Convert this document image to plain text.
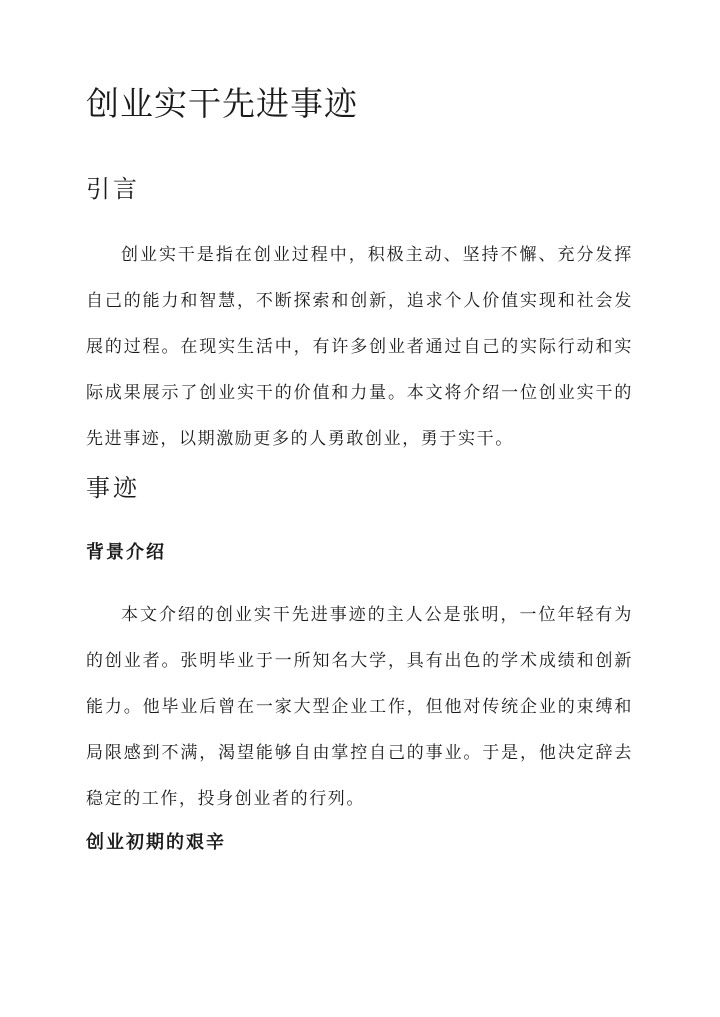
创业实干先进事迹
引言

创业实干是指在创业过程中，积极主动、坚持不懈、充分发挥自己的能力和智慧，不断探索和创新，追求个人价值实现和社会发展的过程。在现实生活中，有许多创业者通过自己的实际行动和实际成果展示了创业实干的价值和力量。本文将介绍一位创业实干的先进事迹，以期激励更多的人勇敢创业，勇于实干。

事迹
背景介绍

本文介绍的创业实干先进事迹的主人公是张明，一位年轻有为的创业者。张明毕业于一所知名大学，具有出色的学术成绩和创新能力。他毕业后曾在一家大型企业工作，但他对传统企业的束缚和局限感到不满，渴望能够自由掌控自己的事业。于是，他决定辞去稳定的工作，投身创业者的行列。

创业初期的艰辛
